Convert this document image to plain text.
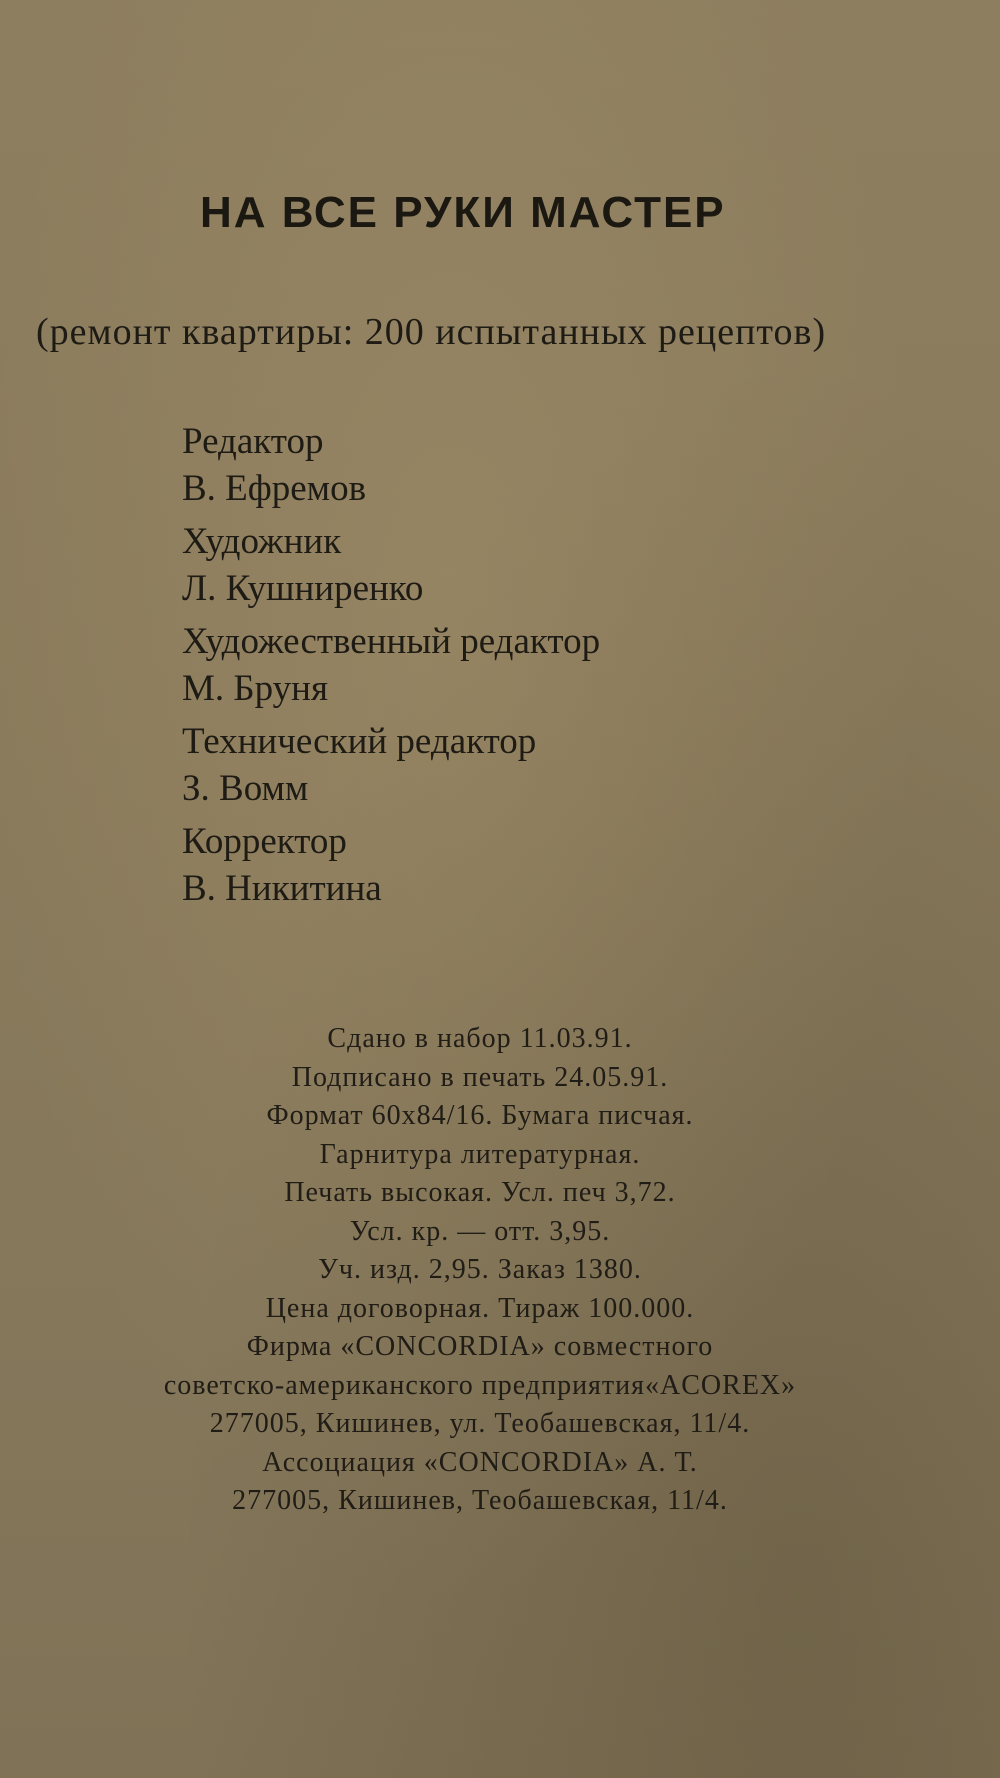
НА ВСЕ РУКИ МАСТЕР
(ремонт квартиры: 200 испытанных рецептов)
Редактор
В. Ефремов
Художник
Л. Кушниренко
Художественный редактор
М. Бруня
Технический редактор
З. Вомм
Корректор
В. Никитина
Сдано в набор 11.03.91.
Подписано в печать 24.05.91.
Формат 60х84/16. Бумага писчая.
Гарнитура литературная.
Печать высокая. Усл. печ 3,72.
Усл. кр. — отт. 3,95.
Уч. изд. 2,95. Заказ 1380.
Цена договорная. Тираж 100.000.
Фирма «CONCORDIA» совместного
советско-американского предприятия«ACOREX»
277005, Кишинев, ул. Теобашевская, 11/4.
Ассоциация «CONCORDIA» А. Т.
277005, Кишинев, Теобашевская, 11/4.
